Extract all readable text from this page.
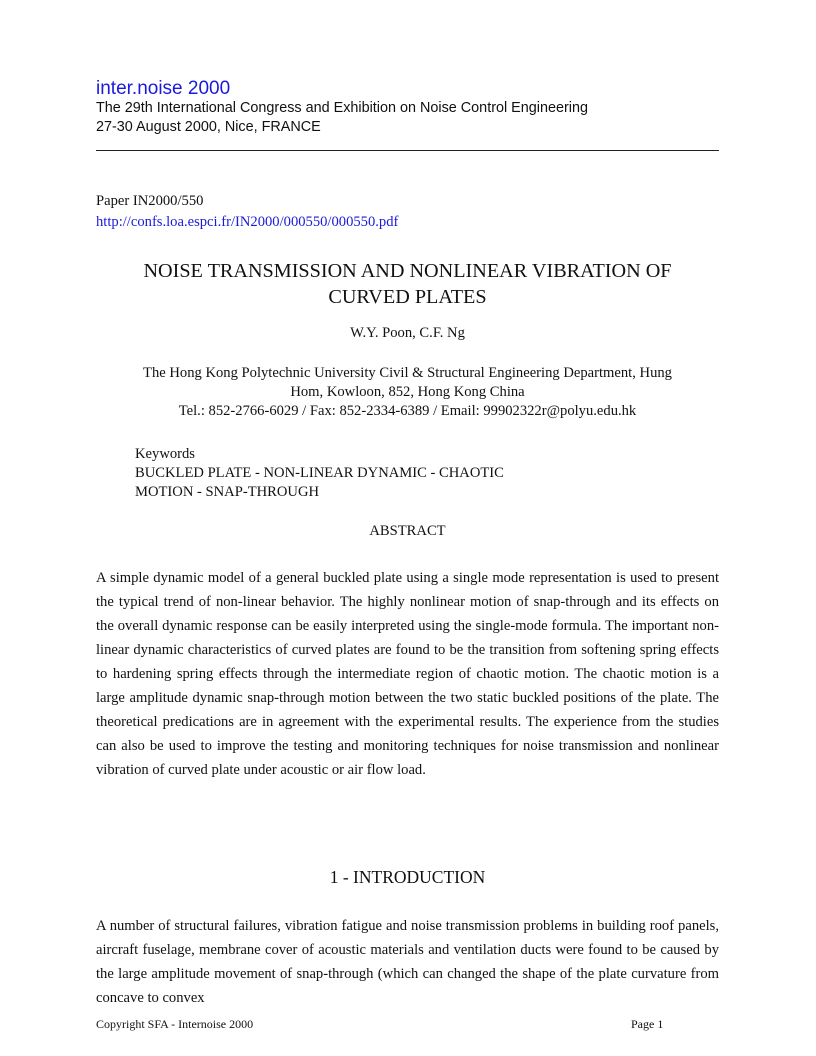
inter.noise 2000
The 29th International Congress and Exhibition on Noise Control Engineering
27-30 August 2000, Nice, FRANCE
Paper IN2000/550
http://confs.loa.espci.fr/IN2000/000550/000550.pdf
NOISE TRANSMISSION AND NONLINEAR VIBRATION OF
CURVED PLATES
W.Y. Poon, C.F. Ng
The Hong Kong Polytechnic University Civil & Structural Engineering Department, Hung
Hom, Kowloon, 852, Hong Kong China
Tel.: 852-2766-6029 / Fax: 852-2334-6389 / Email: 99902322r@polyu.edu.hk
Keywords
BUCKLED PLATE - NON-LINEAR DYNAMIC - CHAOTIC
MOTION - SNAP-THROUGH
ABSTRACT
A simple dynamic model of a general buckled plate using a single mode representation is used to present the typical trend of non-linear behavior. The highly nonlinear motion of snap-through and its effects on the overall dynamic response can be easily interpreted using the single-mode formula. The important non-linear dynamic characteristics of curved plates are found to be the transition from softening spring effects to hardening spring effects through the intermediate region of chaotic motion. The chaotic motion is a large amplitude dynamic snap-through motion between the two static buckled positions of the plate. The theoretical predications are in agreement with the experimental results. The experience from the studies can also be used to improve the testing and monitoring techniques for noise transmission and nonlinear vibration of curved plate under acoustic or air flow load.
1 - INTRODUCTION
A number of structural failures, vibration fatigue and noise transmission problems in building roof panels, aircraft fuselage, membrane cover of acoustic materials and ventilation ducts were found to be caused by the large amplitude movement of snap-through (which can changed the shape of the plate curvature from concave to convex
Copyright SFA - Internoise 2000	Page 1
